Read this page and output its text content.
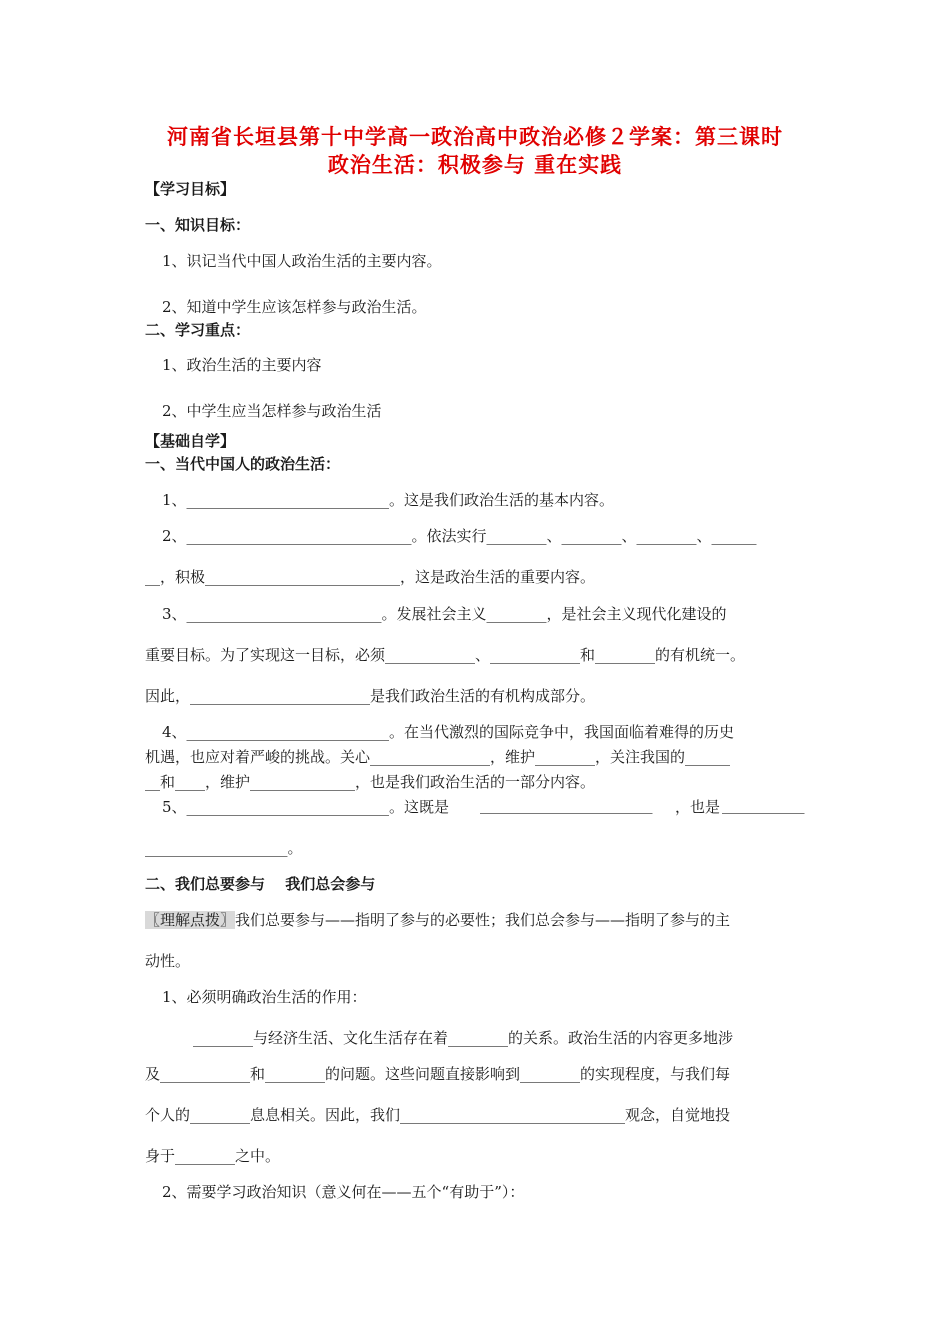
河南省长垣县第十中学高一政治高中政治必修２学案：第三课时
政治生活：积极参与 重在实践
【学习目标】
一、知识目标：
1、识记当代中国人政治生活的主要内容。
2、知道中学生应该怎样参与政治生活。
二、学习重点：
1、政治生活的主要内容
2、中学生应当怎样参与政治生活
【基础自学】
一、当代中国人的政治生活：
1、___________________________。这是我们政治生活的基本内容。
2、______________________________。依法实行________、________、________、______
__，积极__________________________，这是政治生活的重要内容。
3、__________________________。发展社会主义________，是社会主义现代化建设的
重要目标。为了实现这一目标，必须____________、____________和________的有机统一。
因此，________________________是我们政治生活的有机构成部分。
4、___________________________。在当代激烈的国际竞争中，我国面临着难得的历史
机遇，也应对着严峻的挑战。关心________________，维护________，关注我国的______
__和____，维护______________，也是我们政治生活的一部分内容。
5、___________________________。这既是 _______________________ ，也是 ___________
___________________。
二、我们总要参与　 我们总会参与
〖理解点拨〗我们总要参与——指明了参与的必要性；我们总会参与——指明了参与的主
动性。
1、必须明确政治生活的作用：
________与经济生活、文化生活存在着________的关系。政治生活的内容更多地涉
及____________和________的问题。这些问题直接影响到________的实现程度，与我们每
个人的________息息相关。因此，我们______________________________观念，自觉地投
身于________之中。
2、需要学习政治知识（意义何在——五个“有助于”）：
